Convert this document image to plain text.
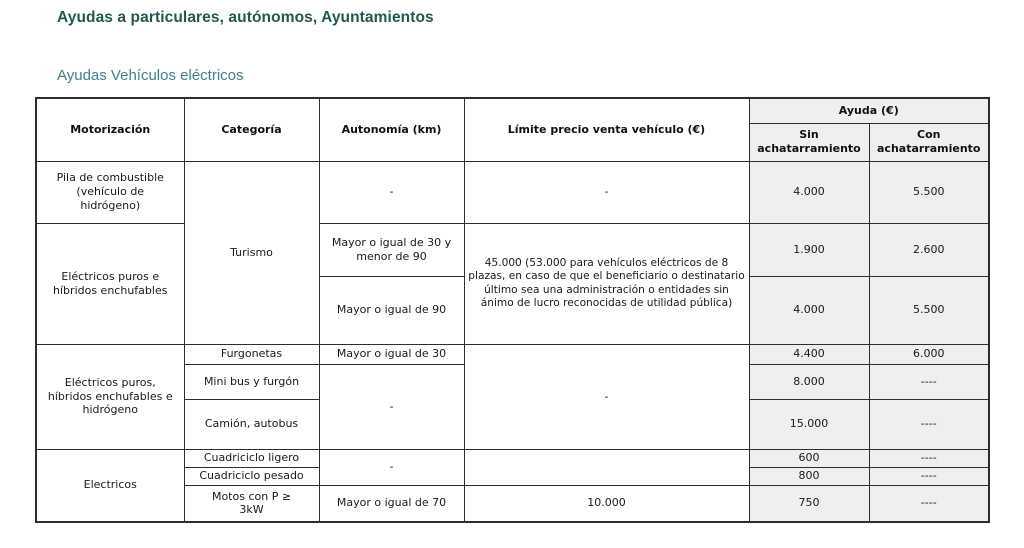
Ayudas a particulares, autónomos, Ayuntamientos
Ayudas Vehículos eléctricos
Motorización	Categoría	Autonomía (km)	Límite precio venta vehículo (€)	Ayuda (€)	
				Sin achatarramiento	Con achatarramiento
Pila de combustible (vehículo de hidrógeno)	Turismo	-	-	4.000	5.500
Eléctricos puros e híbridos enchufables		Mayor o igual de 30 y menor de 90	45.000 (53.000 para vehículos eléctricos de 8 plazas, en caso de que el beneficiario o destinatario último sea una administración o entidades sin ánimo de lucro reconocidas de utilidad pública)	1.900	2.600
		Mayor o igual de 90		4.000	5.500
Eléctricos puros, híbridos enchufables e hidrógeno	Furgonetas	Mayor o igual de 30	-	4.400	6.000
	Mini bus y furgón	-		8.000	----
	Camión, autobus			15.000	----
Electricos	Cuadriciclo ligero	-		600	----
	Cuadriciclo pesado			800	----
	Motos con P ≥ 3kW	Mayor o igual de 70	10.000	750	----
